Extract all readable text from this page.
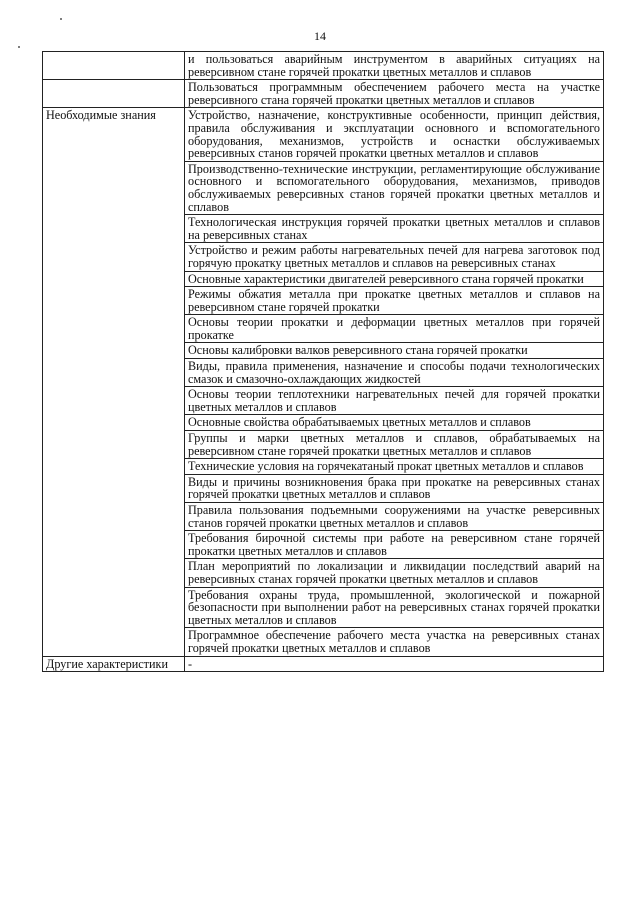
14
	и пользоваться аварийным инструментом в аварийных ситуациях на реверсивном стане горячей прокатки цветных металлов и сплавов
	Пользоваться программным обеспечением рабочего места на участке реверсивного стана горячей прокатки цветных металлов и сплавов
Необходимые знания	Устройство, назначение, конструктивные особенности, принцип действия, правила обслуживания и эксплуатации основного и вспомогательного оборудования, механизмов, устройств и оснастки обслуживаемых реверсивных станов горячей прокатки цветных металлов и сплавов
	Производственно-технические инструкции, регламентирующие обслуживание основного и вспомогательного оборудования, механизмов, приводов обслуживаемых реверсивных станов горячей прокатки цветных металлов и сплавов
	Технологическая инструкция горячей прокатки цветных металлов и сплавов на реверсивных станах
	Устройство и режим работы нагревательных печей для нагрева заготовок под горячую прокатку цветных металлов и сплавов на реверсивных станах
	Основные характеристики двигателей реверсивного стана горячей прокатки
	Режимы обжатия металла при прокатке цветных металлов и сплавов на реверсивном стане горячей прокатки
	Основы теории прокатки и деформации цветных металлов при горячей прокатке
	Основы калибровки валков реверсивного стана горячей прокатки
	Виды, правила применения, назначение и способы подачи технологических смазок и смазочно-охлаждающих жидкостей
	Основы теории теплотехники нагревательных печей для горячей прокатки цветных металлов и сплавов
	Основные свойства обрабатываемых цветных металлов и сплавов
	Группы и марки цветных металлов и сплавов, обрабатываемых на реверсивном стане горячей прокатки цветных металлов и сплавов
	Технические условия на горячекатаный прокат цветных металлов и сплавов
	Виды и причины возникновения брака при прокатке на реверсивных станах горячей прокатки цветных металлов и сплавов
	Правила пользования подъемными сооружениями на участке реверсивных станов горячей прокатки цветных металлов и сплавов
	Требования бирочной системы при работе на реверсивном стане горячей прокатки цветных металлов и сплавов
	План мероприятий по локализации и ликвидации последствий аварий на реверсивных станах горячей прокатки цветных металлов и сплавов
	Требования охраны труда, промышленной, экологической и пожарной безопасности при выполнении работ на реверсивных станах горячей прокатки цветных металлов и сплавов
	Программное обеспечение рабочего места участка на реверсивных станах горячей прокатки цветных металлов и сплавов
Другие характеристики	-
